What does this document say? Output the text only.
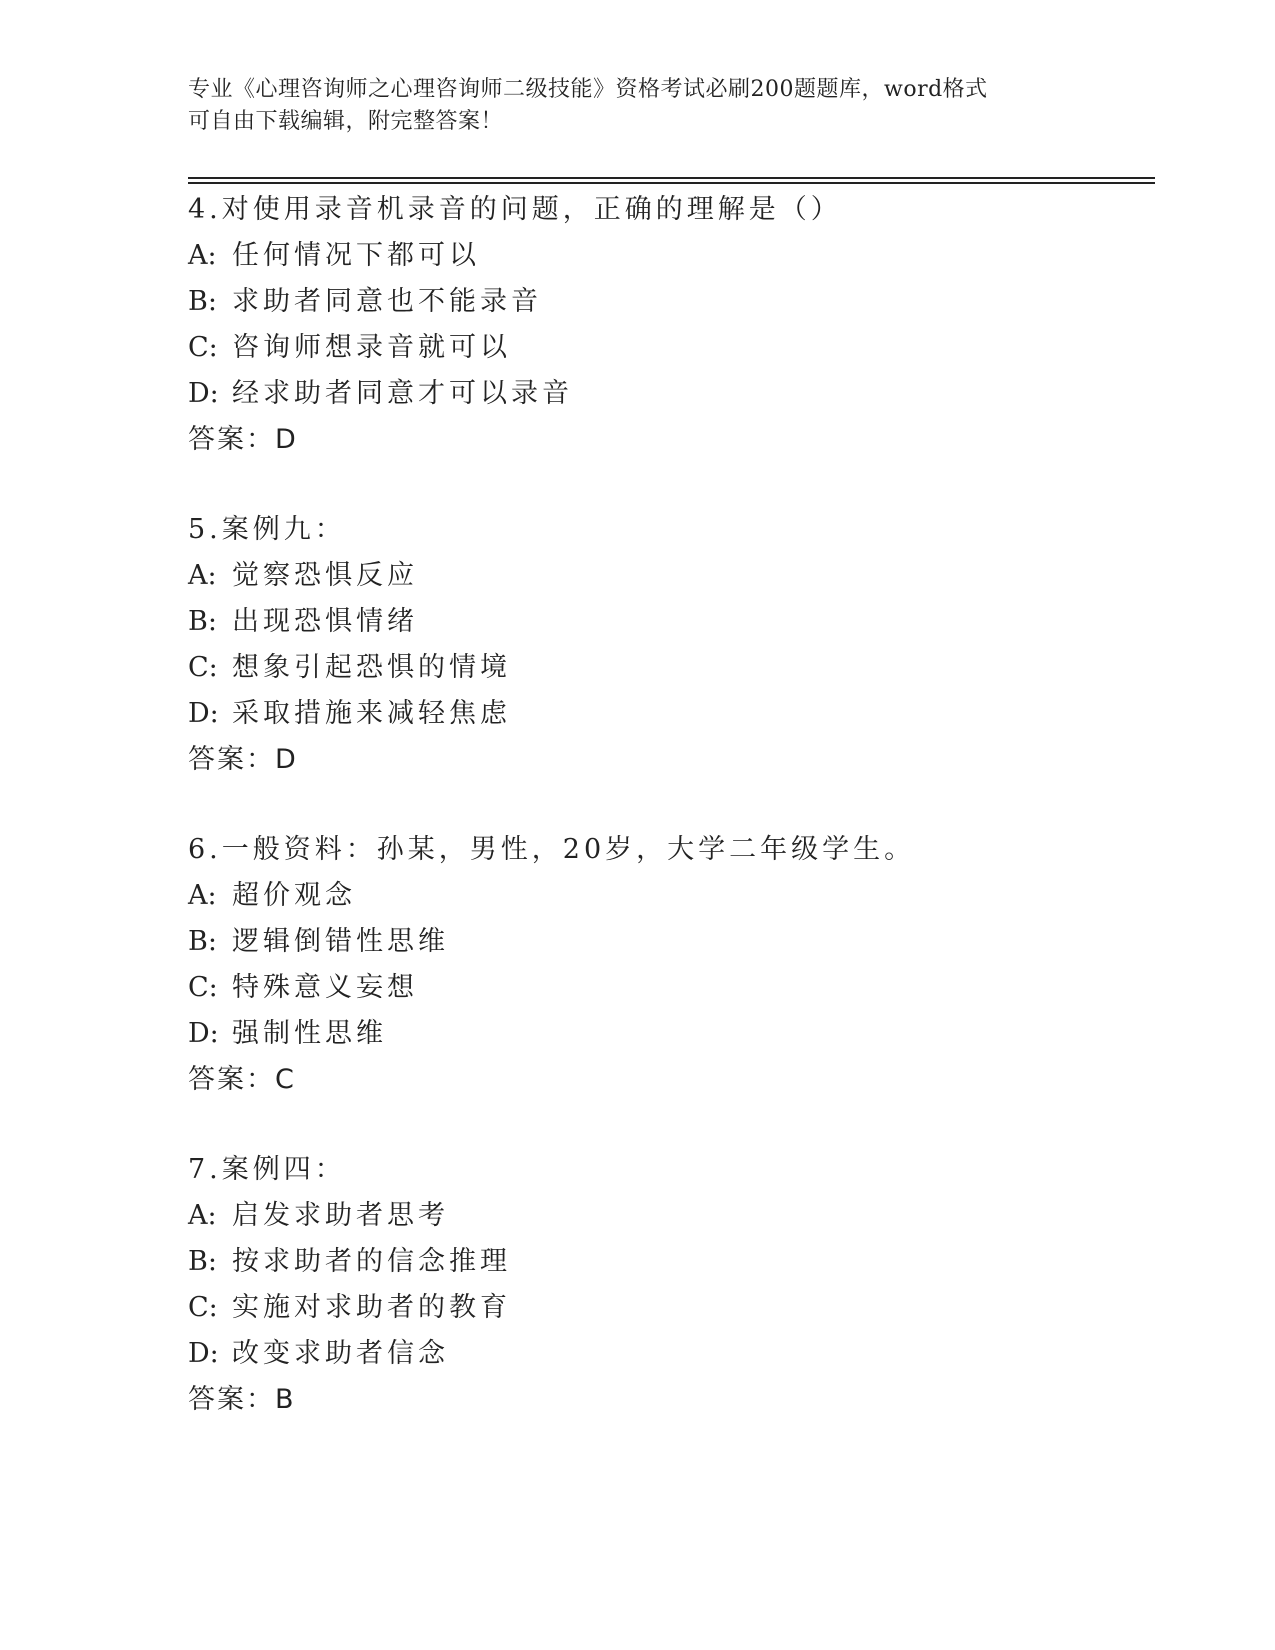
专业《心理咨询师之心理咨询师二级技能》资格考试必刷200题题库，word格式
可自由下载编辑，附完整答案！
4.对使用录音机录音的问题，正确的理解是（）
A: 任何情况下都可以
B: 求助者同意也不能录音
C: 咨询师想录音就可以
D: 经求助者同意才可以录音
答案：D
5.案例九：
A: 觉察恐惧反应
B: 出现恐惧情绪
C: 想象引起恐惧的情境
D: 采取措施来减轻焦虑
答案：D
6.一般资料：孙某，男性，20岁，大学二年级学生。
A: 超价观念
B: 逻辑倒错性思维
C: 特殊意义妄想
D: 强制性思维
答案：C
7.案例四：
A: 启发求助者思考
B: 按求助者的信念推理
C: 实施对求助者的教育
D: 改变求助者信念
答案：B
